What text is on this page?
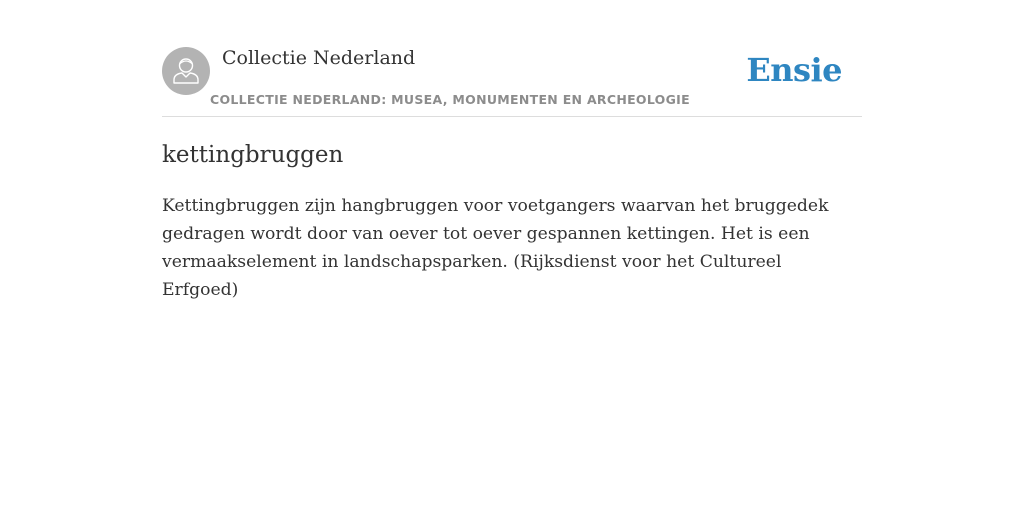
Collectie Nederland
COLLECTIE NEDERLAND: MUSEA, MONUMENTEN EN ARCHEOLOGIE
Ensie
kettingbruggen

Kettingbruggen zijn hangbruggen voor voetgangers waarvan het bruggedek gedragen wordt door van oever tot oever gespannen kettingen. Het is een vermaakselement in landschapsparken. (Rijksdienst voor het Cultureel Erfgoed)
